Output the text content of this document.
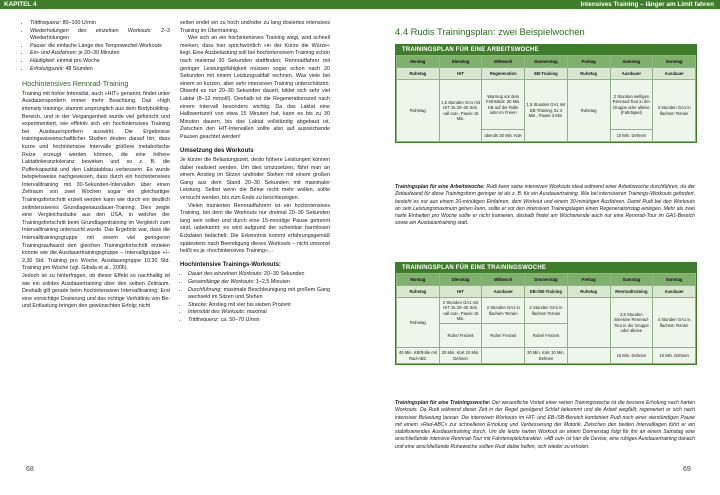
KAPITEL 4	Intensives Training – länger am Limit fahren
• Trittfrequenz: 80–100 U/min
• Wiederholungen des einzelnen Workouts: 2–3 Wiederholungen
• Pause: die einfache Länge des Tempowechel-Workouts
• Ein- und Ausfahren: je 20–30 Minuten
• Häufigkeit: einmal pro Woche
• Erholungszeit: 48 Stunden
Hochintensives Rennrad-Training

Training mit hoher Intensität, auch »HIT« genannt, findet unter Ausdauersportlern immer mehr Beachtung. Das »high intensity training« stammt ursprünglich aus dem Bodybuilding-Bereich, und in der Vergangenheit wurde viel geforscht und experimentiert, wie effektiv sich ein hochintensives Training bei Ausdauersportlern auswirkt. Die Ergebnisse trainingswissenschaftlicher Studien deuten darauf hin, dass kurze und hochintensive Intervalle größere metabolische Reize erzeugt werden können, die eine höhere Laktattoleranztoleranz bewirken und so z. B. die Pufferkapazität und den Laktatabbau verbessern. Es wurde beispielsweise nachgewiesen, dass durch ein hochintensives Intervalltraining mit 30-Sekunden-Intervallen über einen Zeitraum von zwei Wochen sogar ein gleichartiger Trainingsfortschritt erzielt werden kann wie durch ein deutlich zeitintensiveres Grundlagenausdauer-Training. Dies zeigte eine Vergleichsstudie aus den USA, in welcher der Trainingsfortschritt beim Grundlagentraining im Vergleich zum Intervalltraining untersucht wurde. Das Ergebnis war, dass die Intervalltrainingsgruppe mit einem viel geringeren Trainingsaufwand den gleichen Trainingsfortschritt erzielen konnte wie die Ausdauertrainingsgruppe – Intervallgruppe +/– 2,30 Std. Training pro Woche, Ausdauergruppe 10,30 Std. Training pro Woche (vgl. Gibala et al., 2006).

Jedoch ist zu hinterfragen, ob dieser Effekt so nachhaltig ist wie ein solides Ausdauertraining über den selben Zeitraum. Deshalb gilt gerade beim hochintensiven Intervalltraining: Erst eine vorsichtige Dosierung und das richtige Verhältnis von Be- und Entlastung bringen den gewünschten Erfolg; nicht

selten endet ein zu hoch und/oder zu lang dosiertes intensives Training im Übertraining.

Wer sich an ein hochintensives Training wagt, wird schnell merken, dass hier sprichwörtlich »in der Kürze die Würze« liegt. Eine Ausbelastung soll bei hochintensivem Training schon nach maximal 30 Sekunden stattfinden; Rennradfahrer mit geringer Leistungsfähigkeit müssen sogar schon nach 20 Sekunden mit einem Leistungsabfall rechnen. Was viele bei einem so kurzen, aber sehr intensiven Training unterschätzen: Obwohl es nur 20–30 Sekunden dauert, bildet sich sehr viel Laktat (8–12 mmol/l). Deshalb ist die Regenerationszeit nach einem Intervall besonders wichtig. Da das Laktat eine Halbwertszeit von etwa 15 Minuten hat, kann es bis zu 30 Minuten dauern, bis das Laktat vollständig abgebaut ist. Zwischen den HIT-Intervallen sollte also auf ausreichende Pausen geachtet werden!

Umsetzung des Workouts

Je kürzer die Belastungszeit, desto höhere Leistungen können dabei realisiert werden. Um dies umzusetzen, fährt man an einem Anstieg im Sitzen und/oder Stehen mit einem großen Gang aus dem Stand 20–30 Sekunden mit maximaler Leistung. Selbst wenn die Beine nicht mehr wollen, sollte versucht werden, bis zum Ende zu beschleunigen.

Vielen trainierten Rennradfahrern ist ein hochintensives Training, bei dem die Workouts nur dreimal 20–30 Sekunden lang sein sollen und durch eine 15-minütige Pause getrennt sind, unbekannt; es wird aufgrund der scheinbar harmlosen Eckdaten belächelt. Die Erkenntnis kommt erfahrungsgemäß spätestens nach Beendigung dieses Workouts – nicht umsonst heißt es ja »hochintensives Training«…

Hochintensive Trainings-Workouts:
• Dauer des einzelnen Workouts: 20–30 Sekunden
• Gesamtlänge der Workouts: 1–2,5 Minuten
• Durchführung: maximale Beschleunigung mit großem Gang wechseld im Sitzen und Stehen
• Strecke: Anstieg mit vier bis sieben Prozent
• Intensität des Workouts: maximal
• Trittfrequenz: ca. 50–70 U/min
68	69
4.4 Rudis Trainingsplan: zwei Beispielwochen
TRAININGSPLAN FÜR EINE ARBEITSWOCHE
Montag	Dienstag	Mittwoch	Donnerstag	Freitag	Samstag	Sonntag
Ruhetag	HIT	Regeneration	EB-Training	Ruhetag	Ausdauer	Ausdauer
Ruhetag	1,5 Stunden GA1 mit HIT 3x 20–30 Sek. »all out«, Pause 15 Min.	Warmup vor dem Frühstück: 30 Min. KB auf der Rolle oder im Freien	1,5 Stunden GA1 mit EB-Training, 5x 4 Min., Pause 3 Min.	Ruhetag	2 Stunden welliges Rennrad-Tour in der Gruppe oder alleine (Fahrtspiel)	3 Stunden GA1 in flachem Terrain
		abends 30 Min. KoK			10 Min. Dehnen	
Trainingsplan für eine Arbeitswoche: Rudi kann seine intensiven Workouts ideal während einer Arbeitswoche durchführen, da der Zeitaufwand für diese Trainingsform geringer ist als z. B. für ein Ausdauertraining. Wie bei intensiveren Trainings-Workouts gefordert, besteht es nur aus einem 20-minütigen Einfahren, dem Workout und einem 30-minütigen Ausfahren. Damit Rudi bei den Workouts an sein Leistungsmaximum gehen kann, sollte er vor den intensiven Trainingstagen einen Regenerationstag einlegen. Mehr als zwei harte Einheiten pro Woche sollte er nicht trainieren, deshalb findet am Wochenende auch nur eine Rennrad-Tour im GA1-Bereich sowie ein Ausdauertraining statt.
TRAININGSPLAN FÜR EINE TRAININGSWOCHE
Montag	Dienstag	Mittwoch	Donnerstag	Freitag	Samstag	Sonntag
Ruhetag	HIT	Ausdauer	EB-/SB-Training	Ruhetag	Rennradtraining	Ausdauer
Ruhetag	2 Stunden GA1 mit HIT 3x 20–30 Sek. »all out«, Pause 15 Min.	2 Stunden GA1 in flachem Terrain	2 Stunden GA1 in flachem Terrain		2,5 Stunden intensive Rennrad-Tour in der Gruppe oder alleine	4 Stunden GA1 in flachem Terrain
	Ruhe/ Freizeit	Ruhe/ Freizeit	Ruhe/ Freizeit			
45 Min. KB/Rolle mit Rad-ABC	20 Min. KoK 10 Min. Dehnen		20 Min. KoK 10 Min. Dehnen		10 Min. Dehnen	10 Min. Dehnen
Trainingsplan für eine Trainingswoche: Der wesentliche Vorteil einer reinen Trainingswoche ist die bessere Erholung nach harten Workouts. Da Rudi während dieser Zeit in der Regel genügend Schlaf bekommt und die Arbeit wegfällt, regeneriert er sich nach intensiver Belastung besser. Die intensiven Workouts im HIT- und EB-/SB-Bereich kombiniert Rudi noch einer vierstündigen Pause mit einem »Rad-ABC« zur schnelleren Erholung und Verbesserung der Motorik. Zwischen den beiden Intervalltagen führt er ein stabilisierendes Ausdauertraining durch. Um die letzte harten Workout an einem Donnerstag folgt für ihn an einem Samstag eine anschließende intensive Rennrad-Tour mit Fahrtenspielcharakter. »AB out« ist hier die Devise, eine ruhiges Ausdauertraining danach und eine anschließende Ruhewoche sollten Rudi dabei helfen, sich wieder zu erholen.
